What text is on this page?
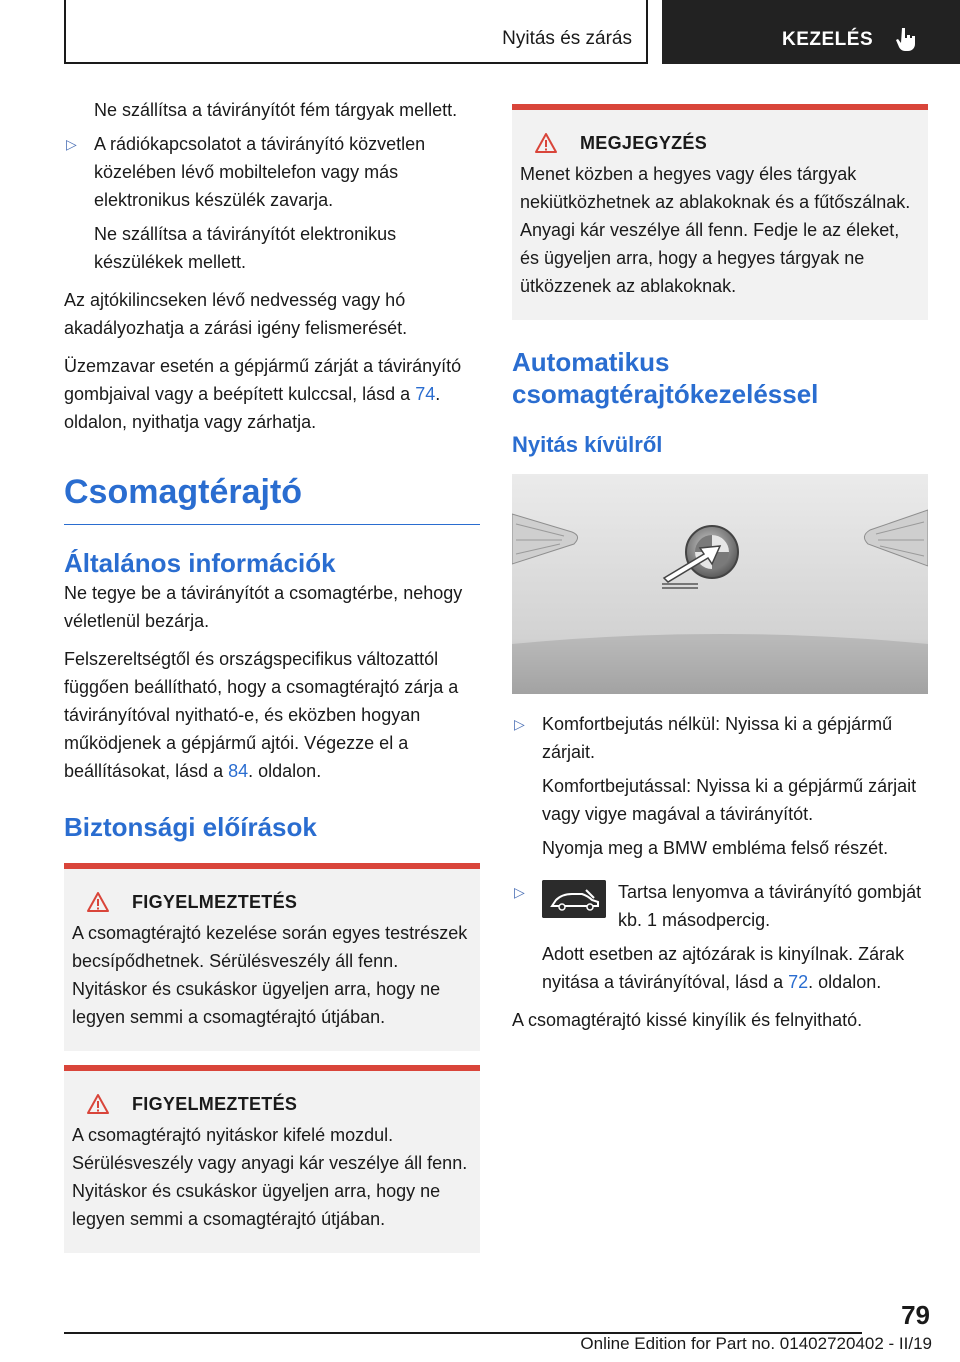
Nyitás és zárás	KEZELÉS

Ne szállítsa a távirányítót fém tárgyak mellett.

▷ A rádiókapcsolatot a távirányító közvetlen közelében lévő mobiltelefon vagy más elektronikus készülék zavarja.

Ne szállítsa a távirányítót elektronikus készülékek mellett.

Az ajtókilincseken lévő nedvesség vagy hó akadályozhatja a zárási igény felismerését.

Üzemzavar esetén a gépjármű zárját a távirányító gombjaival vagy a beépített kulccsal, lásd a 74. oldalon, nyithatja vagy zárhatja.

Csomagtérajtó
Általános információk

Ne tegye be a távirányítót a csomagtérbe, nehogy véletlenül bezárja.

Felszereltségtől és országspecifikus változattól függően beállítható, hogy a csomagtérajtó zárja a távirányítóval nyitható-e, és eközben hogyan működjenek a gépjármű ajtói. Végezze el a beállításokat, lásd a 84. oldalon.

Biztonsági előírások
FIGYELMEZTETÉS

A csomagtérajtó kezelése során egyes testrészek becsípődhetnek. Sérülésveszély áll fenn. Nyitáskor és csukáskor ügyeljen arra, hogy ne legyen semmi a csomagtérajtó útjában.

FIGYELMEZTETÉS

A csomagtérajtó nyitáskor kifelé mozdul. Sérülésveszély vagy anyagi kár veszélye áll fenn. Nyitáskor és csukáskor ügyeljen arra, hogy ne legyen semmi a csomagtérajtó útjában.

MEGJEGYZÉS

Menet közben a hegyes vagy éles tárgyak nekiütközhetnek az ablakoknak és a fűtőszálnak. Anyagi kár veszélye áll fenn. Fedje le az éleket, és ügyeljen arra, hogy a hegyes tárgyak ne ütközzenek az ablakoknak.

Automatikus csomagtérajtókezeléssel
Nyitás kívülről
▷ Komfortbejutás nélkül: Nyissa ki a gépjármű zárjait.

Komfortbejutással: Nyissa ki a gépjármű zárjait vagy vigye magával a távirányítót.

Nyomja meg a BMW embléma felső részét.

▷	Tartsa lenyomva a távirányító gombját kb. 1 másodpercig.

Adott esetben az ajtózárak is kinyílnak. Zárak nyitása a távirányítóval, lásd a 72. oldalon.

A csomagtérajtó kissé kinyílik és felnyitható.

79
Online Edition for Part no. 01402720402 - II/19
